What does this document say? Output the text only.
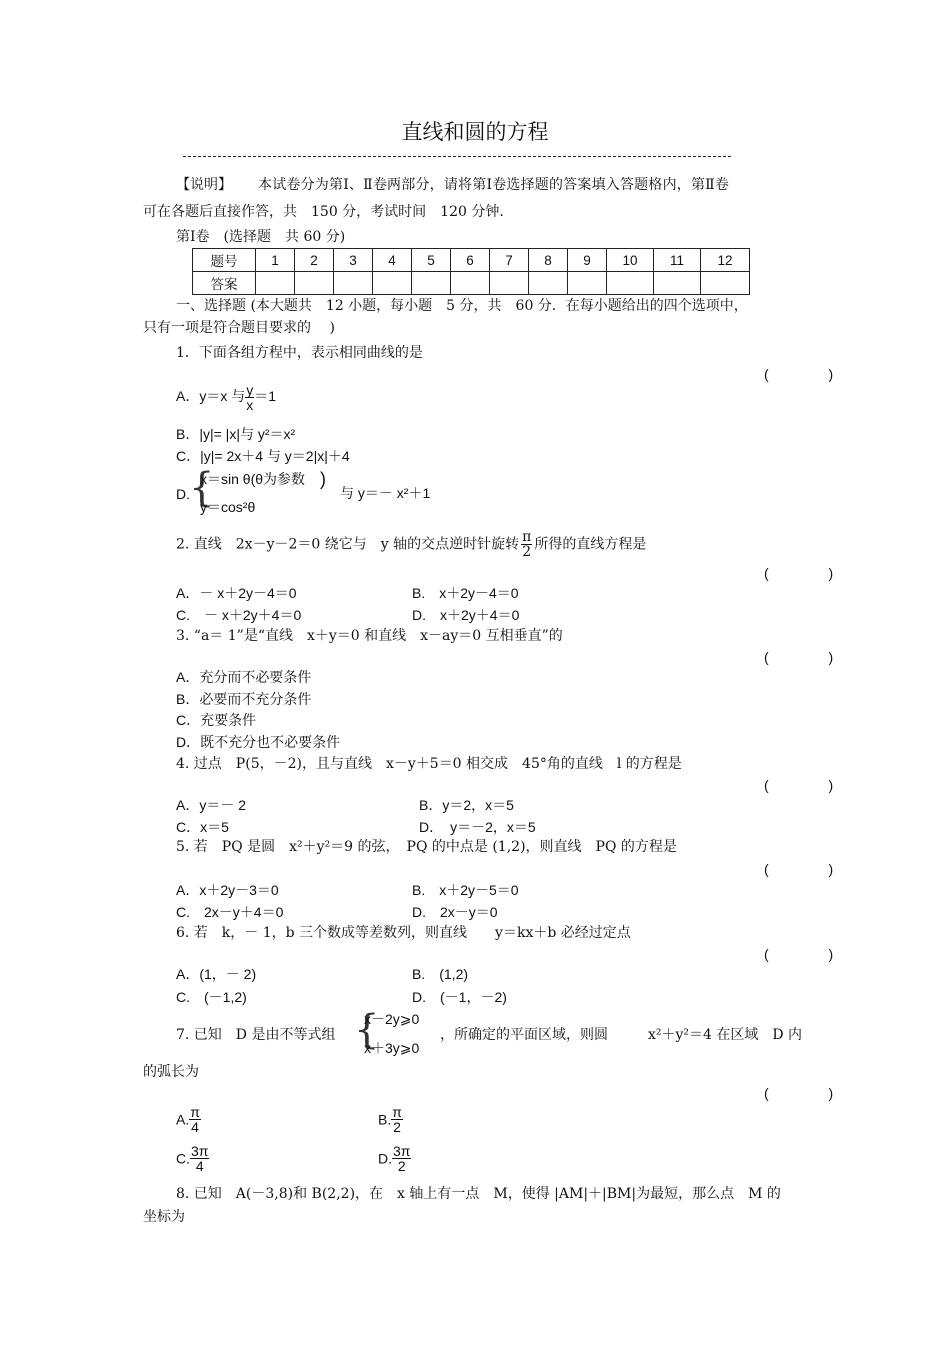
直线和圆的方程
【说明】 本试卷分为第Ⅰ、Ⅱ卷两部分，请将第Ⅰ卷选择题的答案填入答题格内，第Ⅱ卷
可在各题后直接作答，共　150 分，考试时间　120 分钟.
第Ⅰ卷　(选择题　共 60 分)
题号	1	2	3	4	5	6	7	8	9	10	11	12
答案												
一、选择题 (本大题共　12 小题，每小题　5 分，共　60 分．在每小题给出的四个选项中，
只有一项是符合题目要求的　 )
1．下面各组方程中，表示相同曲线的是
(　 )
A．y＝x 与 $\frac{y}{x} =1$
B．|y|= |x|与 y²＝x²
C．|y|= 2x＋4 与 y＝2|x|＋4
D. {
x＝sin θ(θ为参数 )
y＝cos²θ
与 y＝－ x²＋1
2. 直线　2x－y－2＝0 绕它与　y 轴的交点逆时针旋转 $\frac{\pi}{2}$ 所得的直线方程是
(　 )
A．－ x＋2y－4＝0	B.　x＋2y－4＝0
C.　－ x＋2y＋4＝0	D.　x＋2y＋4＝0
3. “a＝ 1”是“直线　x＋y＝0 和直线　x－ay＝0 互相垂直”的
(　 )
A．充分而不必要条件
B．必要而不充分条件
C．充要条件
D．既不充分也不必要条件
4. 过点　P(5，－2)，且与直线　x－y＋5＝0 相交成　45°角的直线　l 的方程是
(　 )
A．y＝－ 2	B．y＝2，x＝5
C．x＝5	D．　y＝－2，x＝5
5. 若　PQ 是圆　x²＋y²＝9 的弦，　PQ 的中点是 (1,2)，则直线　PQ 的方程是
(　 )
A．x＋2y－3＝0	B.　x＋2y－5＝0
C.　2x－y＋4＝0	D.　2x－y＝0
6. 若　k，－ 1，b 三个数成等差数列，则直线　　y＝kx＋b 必经过定点
(　 )
A．(1，－ 2)	B.　(1,2)
C.　(－1,2)	D.　(－1，－2)
7. 已知　D 是由不等式组 {
x－2y⩾0
x＋3y⩾0
，所确定的平面区域，则圆	x²＋y²＝4 在区域　D 内
的弧长为
(　 )
A. $\frac{\pi}{4}$	B. $\frac{\pi}{2}$
C. $\frac{3\pi}{4}$	D. $\frac{3\pi}{2}$
8. 已知　A(－3,8)和 B(2,2)，在　x 轴上有一点　M，使得 |AM|＋|BM|为最短，那么点　M 的
坐标为
